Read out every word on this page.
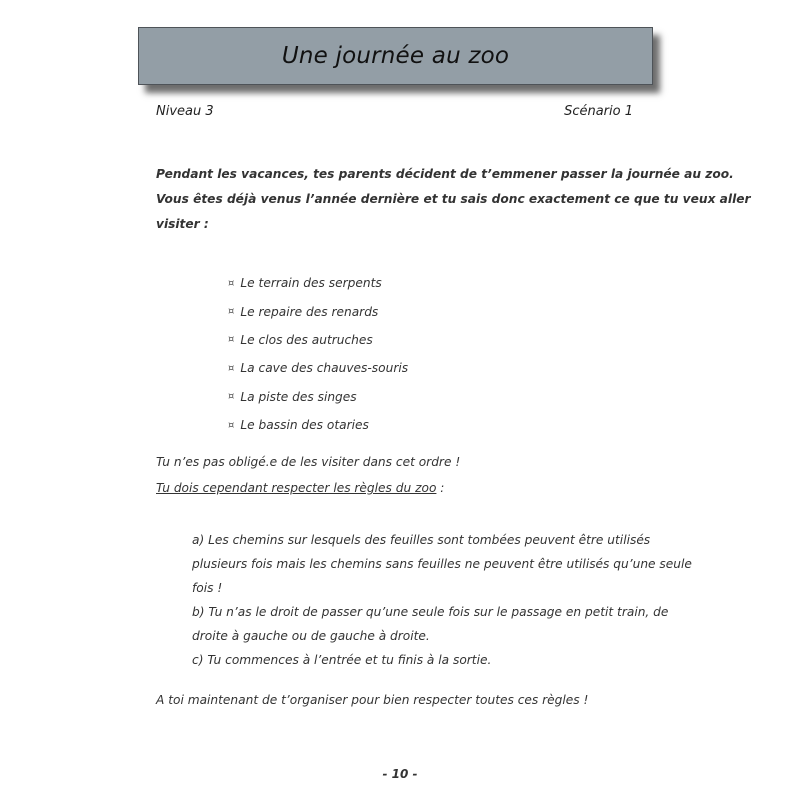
Une journée au zoo
Niveau 3	Scénario 1

Pendant les vacances, tes parents décident de t’emmener passer la journée au zoo.

Vous êtes déjà venus l’année dernière et tu sais donc exactement ce que tu veux aller

visiter :

¤ Le terrain des serpents
¤ Le repaire des renards
¤ Le clos des autruches
¤ La cave des chauves-souris
¤ La piste des singes
¤ Le bassin des otaries
Tu n’es pas obligé.e de les visiter dans cet ordre !
Tu dois cependant respecter les règles du zoo :

a) Les chemins sur lesquels des feuilles sont tombées peuvent être utilisés

plusieurs fois mais les chemins sans feuilles ne peuvent être utilisés qu’une seule

fois !

b) Tu n’as le droit de passer qu’une seule fois sur le passage en petit train, de

droite à gauche ou de gauche à droite.

c) Tu commences à l’entrée et tu finis à la sortie.

A toi maintenant de t’organiser pour bien respecter toutes ces règles !
- 10 -
